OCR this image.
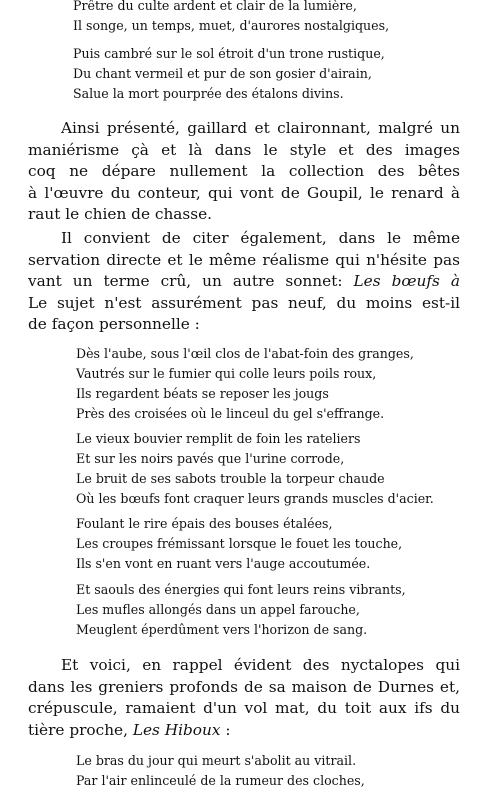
Prêtre du culte ardent et clair de la lumière,
Il songe, un temps, muet, d'aurores nostalgiques,
Puis cambré sur le sol étroit d'un trone rustique,
Du chant vermeil et pur de son gosier d'airain,
Salue la mort pourprée des étalons divins.
Ainsi présenté, gaillard et claironnant, malgré un
maniérisme çà et là dans le style et des images
coq ne dépare nullement la collection des bêtes
à l'œuvre du conteur, qui vont de Goupil, le renard à
raut le chien de chasse.
Il convient de citer également, dans le même
servation directe et le même réalisme qui n'hésite pas
vant un terme crû, un autre sonnet: Les bœufs à
Le sujet n'est assurément pas neuf, du moins est-il
de façon personnelle :
Dès l'aube, sous l'œil clos de l'abat-foin des granges,
Vautrés sur le fumier qui colle leurs poils roux,
Ils regardent béats se reposer les jougs
Près des croisées où le linceul du gel s'effrange.
Le vieux bouvier remplit de foin les rateliers
Et sur les noirs pavés que l'urine corrode,
Le bruit de ses sabots trouble la torpeur chaude
Où les bœufs font craquer leurs grands muscles d'acier.
Foulant le rire épais des bouses étalées,
Les croupes frémissant lorsque le fouet les touche,
Ils s'en vont en ruant vers l'auge accoutumée.
Et saouls des énergies qui font leurs reins vibrants,
Les mufles allongés dans un appel farouche,
Meuglent éperdûment vers l'horizon de sang.
Et voici, en rappel évident des nyctalopes qui
dans les greniers profonds de sa maison de Durnes et,
crépuscule, ramaient d'un vol mat, du toit aux ifs du
tière proche, Les Hiboux :
Le bras du jour qui meurt s'abolit au vitrail.
Par l'air enlinceulé de la rumeur des cloches,
